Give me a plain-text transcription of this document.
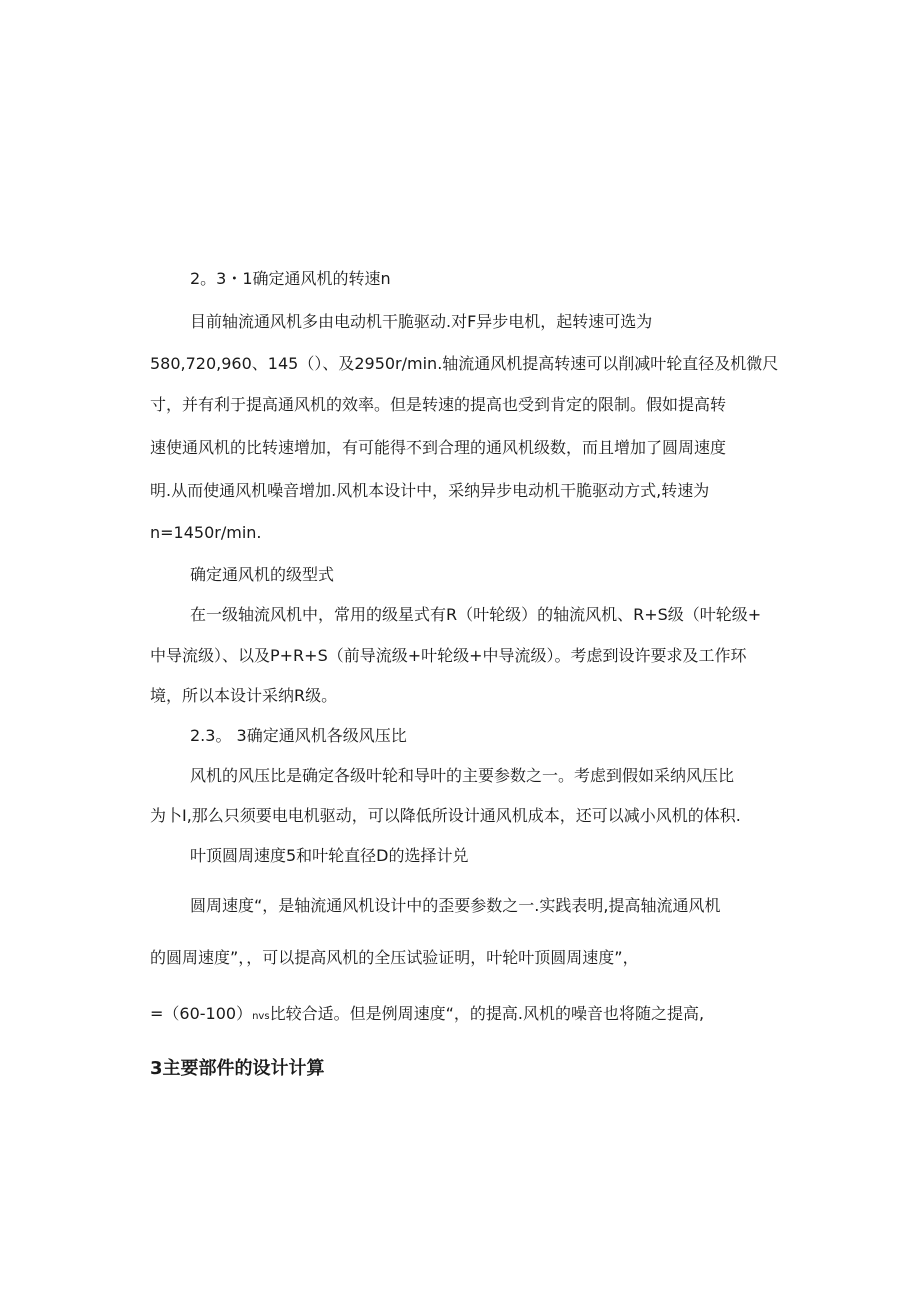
2。3・1确定通风机的转速n
目前轴流通风机多由电动机干脆驱动.对F异步电机，起转速可选为
580,720,960、145（）、及2950r/min.轴流通风机提高转速可以削减叶轮直径及机微尺
寸，并有利于提高通风机的效率。但是转速的提高也受到肯定的限制。假如提高转
速使通风机的比转速增加，有可能得不到合理的通风机级数，而且增加了圆周速度
明.从而使通风机噪音增加.风机本设计中，采纳异步电动机干脆驱动方式,转速为
n=1450r/min.
确定通风机的级型式
在一级轴流风机中，常用的级星式有R（叶轮级）的轴流风机、R+S级（叶轮级+
中导流级）、以及P+R+S（前导流级+叶轮级+中导流级）。考虑到设许要求及工作环
境，所以本设计采纳R级。
2.3。 3确定通风机各级风压比
风机的风压比是确定各级叶轮和导叶的主要参数之一。考虑到假如采纳风压比
为卜I,那么只须要电电机驱动，可以降低所设计通风机成本，还可以减小风机的体积.
叶顶圆周速度5和叶轮直径D的选择计兑
圆周速度“，是轴流通风机设计中的歪要参数之一.实践表明,提高轴流通风机
的圆周速度”，，可以提高风机的全压试验证明，叶轮叶顶圆周速度”，
=（60-100）nvs比较合适。但是例周速度“，的提高.风机的噪音也将随之提高,
3主要部件的设计计算
